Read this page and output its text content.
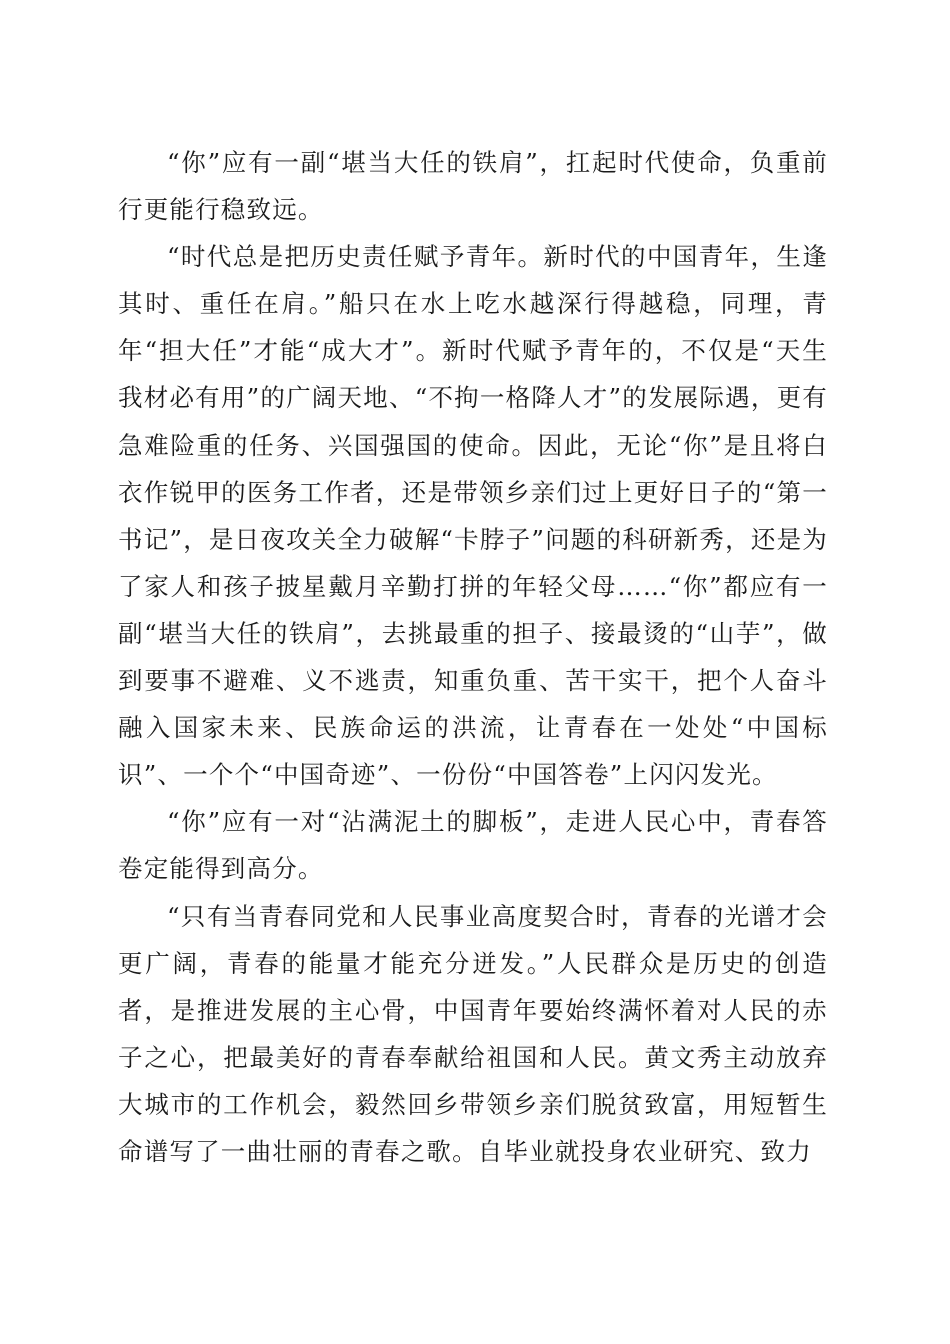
“你”应有一副“堪当大任的铁肩”，扛起时代使命，负重前行更能行稳致远。

“时代总是把历史责任赋予青年。新时代的中国青年，生逢其时、重任在肩。”船只在水上吃水越深行得越稳，同理，青年“担大任”才能“成大才”。新时代赋予青年的，不仅是“天生我材必有用”的广阔天地、“不拘一格降人才”的发展际遇，更有急难险重的任务、兴国强国的使命。因此，无论“你”是且将白衣作锐甲的医务工作者，还是带领乡亲们过上更好日子的“第一书记”，是日夜攻关全力破解“卡脖子”问题的科研新秀，还是为了家人和孩子披星戴月辛勤打拼的年轻父母……“你”都应有一副“堪当大任的铁肩”，去挑最重的担子、接最烫的“山芋”，做到要事不避难、义不逃责，知重负重、苦干实干，把个人奋斗融入国家未来、民族命运的洪流，让青春在一处处“中国标识”、一个个“中国奇迹”、一份份“中国答卷”上闪闪发光。

“你”应有一对“沾满泥土的脚板”，走进人民心中，青春答卷定能得到高分。

“只有当青春同党和人民事业高度契合时，青春的光谱才会更广阔，青春的能量才能充分迸发。”人民群众是历史的创造者，是推进发展的主心骨，中国青年要始终满怀着对人民的赤子之心，把最美好的青春奉献给祖国和人民。黄文秀主动放弃大城市的工作机会，毅然回乡带领乡亲们脱贫致富，用短暂生命谱写了一曲壮丽的青春之歌。自毕业就投身农业研究、致力
